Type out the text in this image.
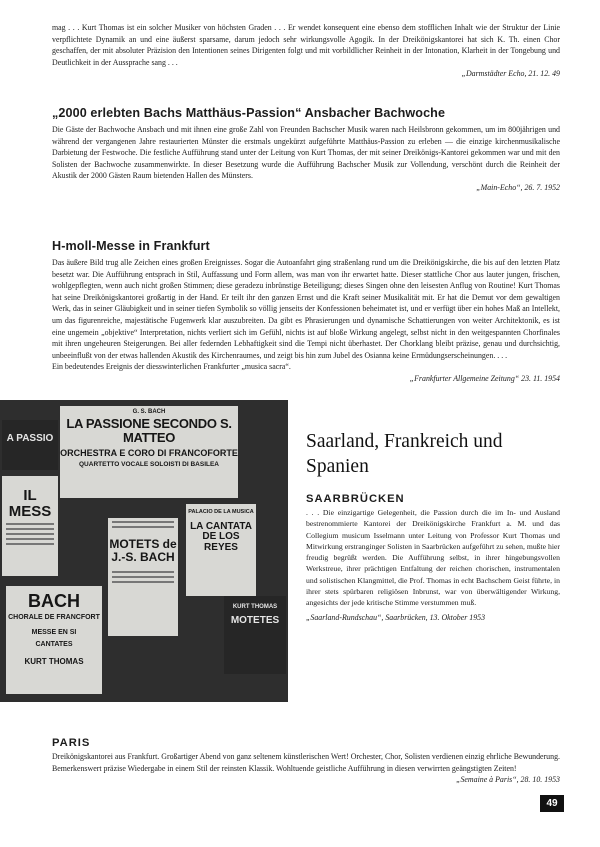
mag . . . Kurt Thomas ist ein solcher Musiker von höchsten Graden . . . Er wendet konsequent eine ebenso dem stofflichen Inhalt wie der Struktur der Linie verpflichtete Dynamik an und eine äußerst sparsame, darum jedoch sehr wirkungsvolle Agogik. In der Dreikönigskantorei hat sich K. Th. einen Chor geschaffen, der mit absoluter Präzision den Intentionen seines Dirigenten folgt und mit vorbildlicher Reinheit in der Intonation, Klarheit in der Tongebung und Deutlichkeit in der Aussprache sang . . .

„Darmstädter Echo, 21. 12. 49

„2000 erlebten Bachs Matthäus-Passion“ Ansbacher Bachwoche

Die Gäste der Bachwoche Ansbach und mit ihnen eine große Zahl von Freunden Bachscher Musik waren nach Heilsbronn gekommen, um im 800jährigen und während der vergangenen Jahre restaurierten Münster die erstmals ungekürzt aufgeführte Matthäus-Passion zu erleben — die einzige kirchenmusikalische Darbietung der Festwoche. Die festliche Aufführung stand unter der Leitung von Kurt Thomas, der mit seiner Dreikönigs-Kantorei gekommen war und mit den Solisten der Bachwoche zusammenwirkte. In dieser Besetzung wurde die Aufführung Bachscher Musik zur Vollendung, verschönt durch die Reinheit der Akustik der 2000 Gästen Raum bietenden Hallen des Münsters.

„Main-Echo“, 26. 7. 1952

H-moll-Messe in Frankfurt

Das äußere Bild trug alle Zeichen eines großen Ereignisses. Sogar die Autoanfahrt ging straßenlang rund um die Dreikönigskirche, die bis auf den letzten Platz besetzt war. Die Aufführung entsprach in Stil, Auffassung und Form allem, was man von ihr erwartet hatte. Dieser stattliche Chor aus lauter jungen, frischen, wohlgepflegten, wenn auch nicht großen Stimmen; diese geradezu inbrünstige Beteiligung; dieses Singen ohne den leisesten Anflug von Routine! Kurt Thomas hat seine Dreikönigskantorei großartig in der Hand. Er teilt ihr den ganzen Ernst und die Kraft seiner Musikalität mit. Er hat die Demut vor dem gewaltigen Werk, das in seiner Gläubigkeit und in seiner tiefen Symbolik so völlig jenseits der Konfessionen beheimatet ist, und er verfügt über ein hohes Maß an Intellekt, um das figurenreiche, majestätische Fugenwerk klar auszubreiten. Da gibt es Phrasierungen und dynamische Schattierungen von weiter Architektonik, es ist eine ungemein „objektive“ Interpretation, nichts verliert sich im Gefühl, nichts ist auf bloße Wirkung angelegt, selbst nicht in den weitgespannten Chorfinales mit ihren ungeheuren Steigerungen. Bei aller federnden Lebhaftigkeit sind die Tempi nicht überhastet. Der Chorklang bleibt präzise, genau und durchsichtig, unbeeinflußt von der etwas hallenden Akustik des Kirchenraumes, und zeigt bis hin zum Jubel des Osianna keine Ermüdungserscheinungen. . . .
Ein bedeutendes Ereignis der diesswinterlichen Frankfurter „musica sacra“.

„Frankfurter Allgemeine Zeitung“ 23. 11. 1954

G. S. BACH
LA PASSIONE SECONDO S. MATTEO
ORCHESTRA E CORO DI FRANCOFORTE
QUARTETTO VOCALE SOLOISTI DI BASILEA
A PASSIO
IL MESS
MOTETS de J.-S. BACH
PALACIO DE LA MUSICA
LA CANTATA DE LOS REYES
KURT THOMAS
MOTETES
BACH
CHORALE DE FRANCFORT
MESSE EN SI
CANTATES
KURT THOMAS
Saarland, Frankreich und Spanien
SAARBRÜCKEN

. . . Die einzigartige Gelegenheit, die Passion durch die im In- und Ausland bestrenommierte Kantorei der Dreikönigskirche Frankfurt a. M. und das Collegium musicum Isselmann unter Leitung von Professor Kurt Thomas und Mitwirkung erstranginger Solisten in Saarbrücken aufgeführt zu sehen, mußte hier freudig begrüßt werden. Die Aufführung selbst, in ihrer hingebungsvollen Werkstreue, ihrer prächtigen Entfaltung der reichen chorischen, instrumentalen und solistischen Klangmittel, die Prof. Thomas in echt Bachschem Geist führte, in ihrer stets spürbaren religiösen Inbrunst, war von überwältigender Wirkung, angesichts der jede kritische Stimme verstummen muß.

„Saarland-Rundschau“, Saarbrücken, 13. Oktober 1953

PARIS

Dreikönigskantorei aus Frankfurt. Großartiger Abend von ganz seltenem künstlerischen Wert! Orchester, Chor, Solisten verdienen einzig ehrliche Bewunderung. Bemerkenswert präzise Wiedergabe in einem Stil der reinsten Klassik. Wohltuende geistliche Aufführung in diesen verwirrten geängstigten Zeiten!

„Semaine à Paris“, 28. 10. 1953

49
